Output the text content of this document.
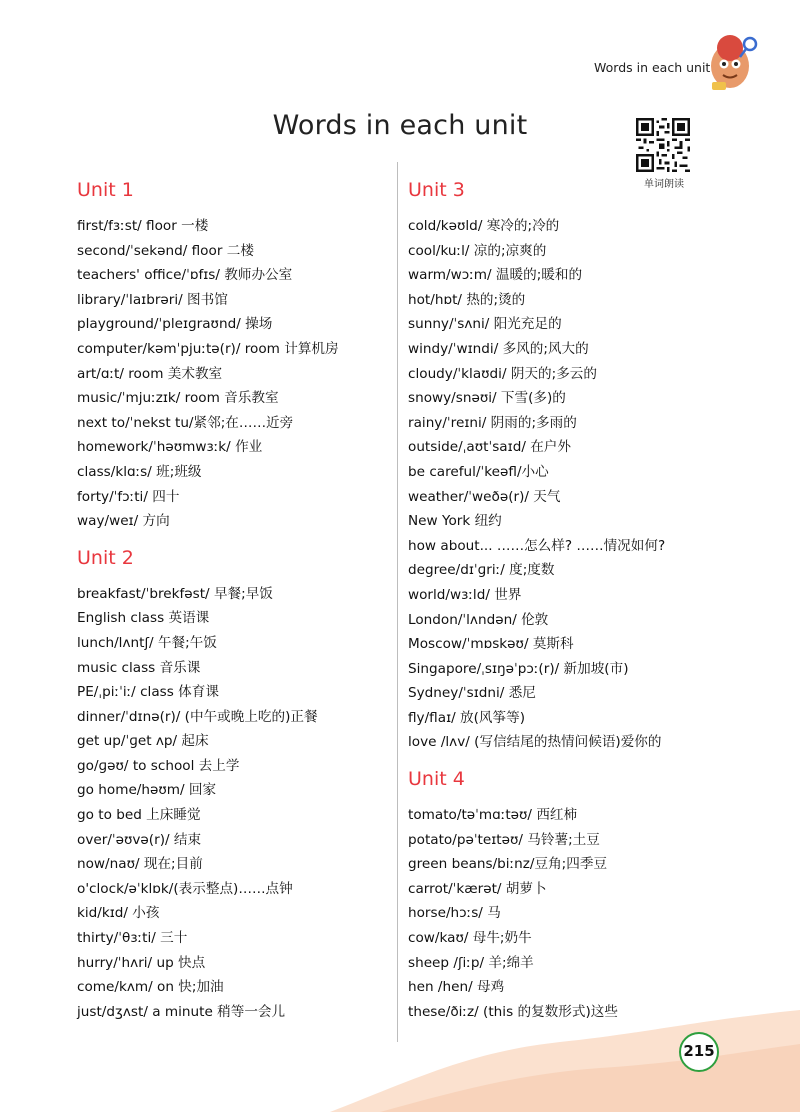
Words in each unit
Words in each unit
单词朗读
Unit 1
first/fɜːst/ floor 一楼
second/ˈsekənd/ floor 二楼
teachers' office/ˈɒfɪs/ 教师办公室
library/ˈlaɪbrəri/ 图书馆
playground/ˈpleɪɡraʊnd/ 操场
computer/kəmˈpjuːtə(r)/ room 计算机房
art/ɑːt/ room 美术教室
music/ˈmjuːzɪk/ room 音乐教室
next to/ˈnekst tu/紧邻;在……近旁
homework/ˈhəʊmwɜːk/ 作业
class/klɑːs/ 班;班级
forty/ˈfɔːti/ 四十
way/weɪ/ 方向
Unit 2
breakfast/ˈbrekfəst/ 早餐;早饭
English class 英语课
lunch/lʌntʃ/ 午餐;午饭
music class 音乐课
PE/ˌpiːˈiː/ class 体育课
dinner/ˈdɪnə(r)/ (中午或晚上吃的)正餐
get up/ˈɡet ʌp/ 起床
go/ɡəʊ/ to school 去上学
go home/həʊm/ 回家
go to bed 上床睡觉
over/ˈəʊvə(r)/ 结束
now/naʊ/ 现在;目前
o'clock/əˈklɒk/(表示整点)……点钟
kid/kɪd/ 小孩
thirty/ˈθɜːti/ 三十
hurry/ˈhʌri/ up 快点
come/kʌm/ on 快;加油
just/dʒʌst/ a minute 稍等一会儿
Unit 3
cold/kəʊld/ 寒冷的;冷的
cool/kuːl/ 凉的;凉爽的
warm/wɔːm/ 温暖的;暖和的
hot/hɒt/ 热的;烫的
sunny/ˈsʌni/ 阳光充足的
windy/ˈwɪndi/ 多风的;风大的
cloudy/ˈklaʊdi/ 阴天的;多云的
snowy/snəʊi/ 下雪(多)的
rainy/ˈreɪni/ 阴雨的;多雨的
outside/ˌaʊtˈsaɪd/ 在户外
be careful/ˈkeəfl/小心
weather/ˈweðə(r)/ 天气
New York 纽约
how about... ……怎么样? ……情况如何?
degree/dɪˈɡriː/ 度;度数
world/wɜːld/ 世界
London/ˈlʌndən/ 伦敦
Moscow/ˈmɒskəʊ/ 莫斯科
Singapore/ˌsɪŋəˈpɔː(r)/ 新加坡(市)
Sydney/ˈsɪdni/ 悉尼
fly/flaɪ/ 放(风筝等)
love /lʌv/ (写信结尾的热情问候语)爱你的
Unit 4
tomato/təˈmɑːtəʊ/ 西红柿
potato/pəˈteɪtəʊ/ 马铃薯;土豆
green beans/biːnz/豆角;四季豆
carrot/ˈkærət/ 胡萝卜
horse/hɔːs/ 马
cow/kaʊ/ 母牛;奶牛
sheep /ʃiːp/ 羊;绵羊
hen /hen/ 母鸡
these/ðiːz/ (this 的复数形式)这些
215
